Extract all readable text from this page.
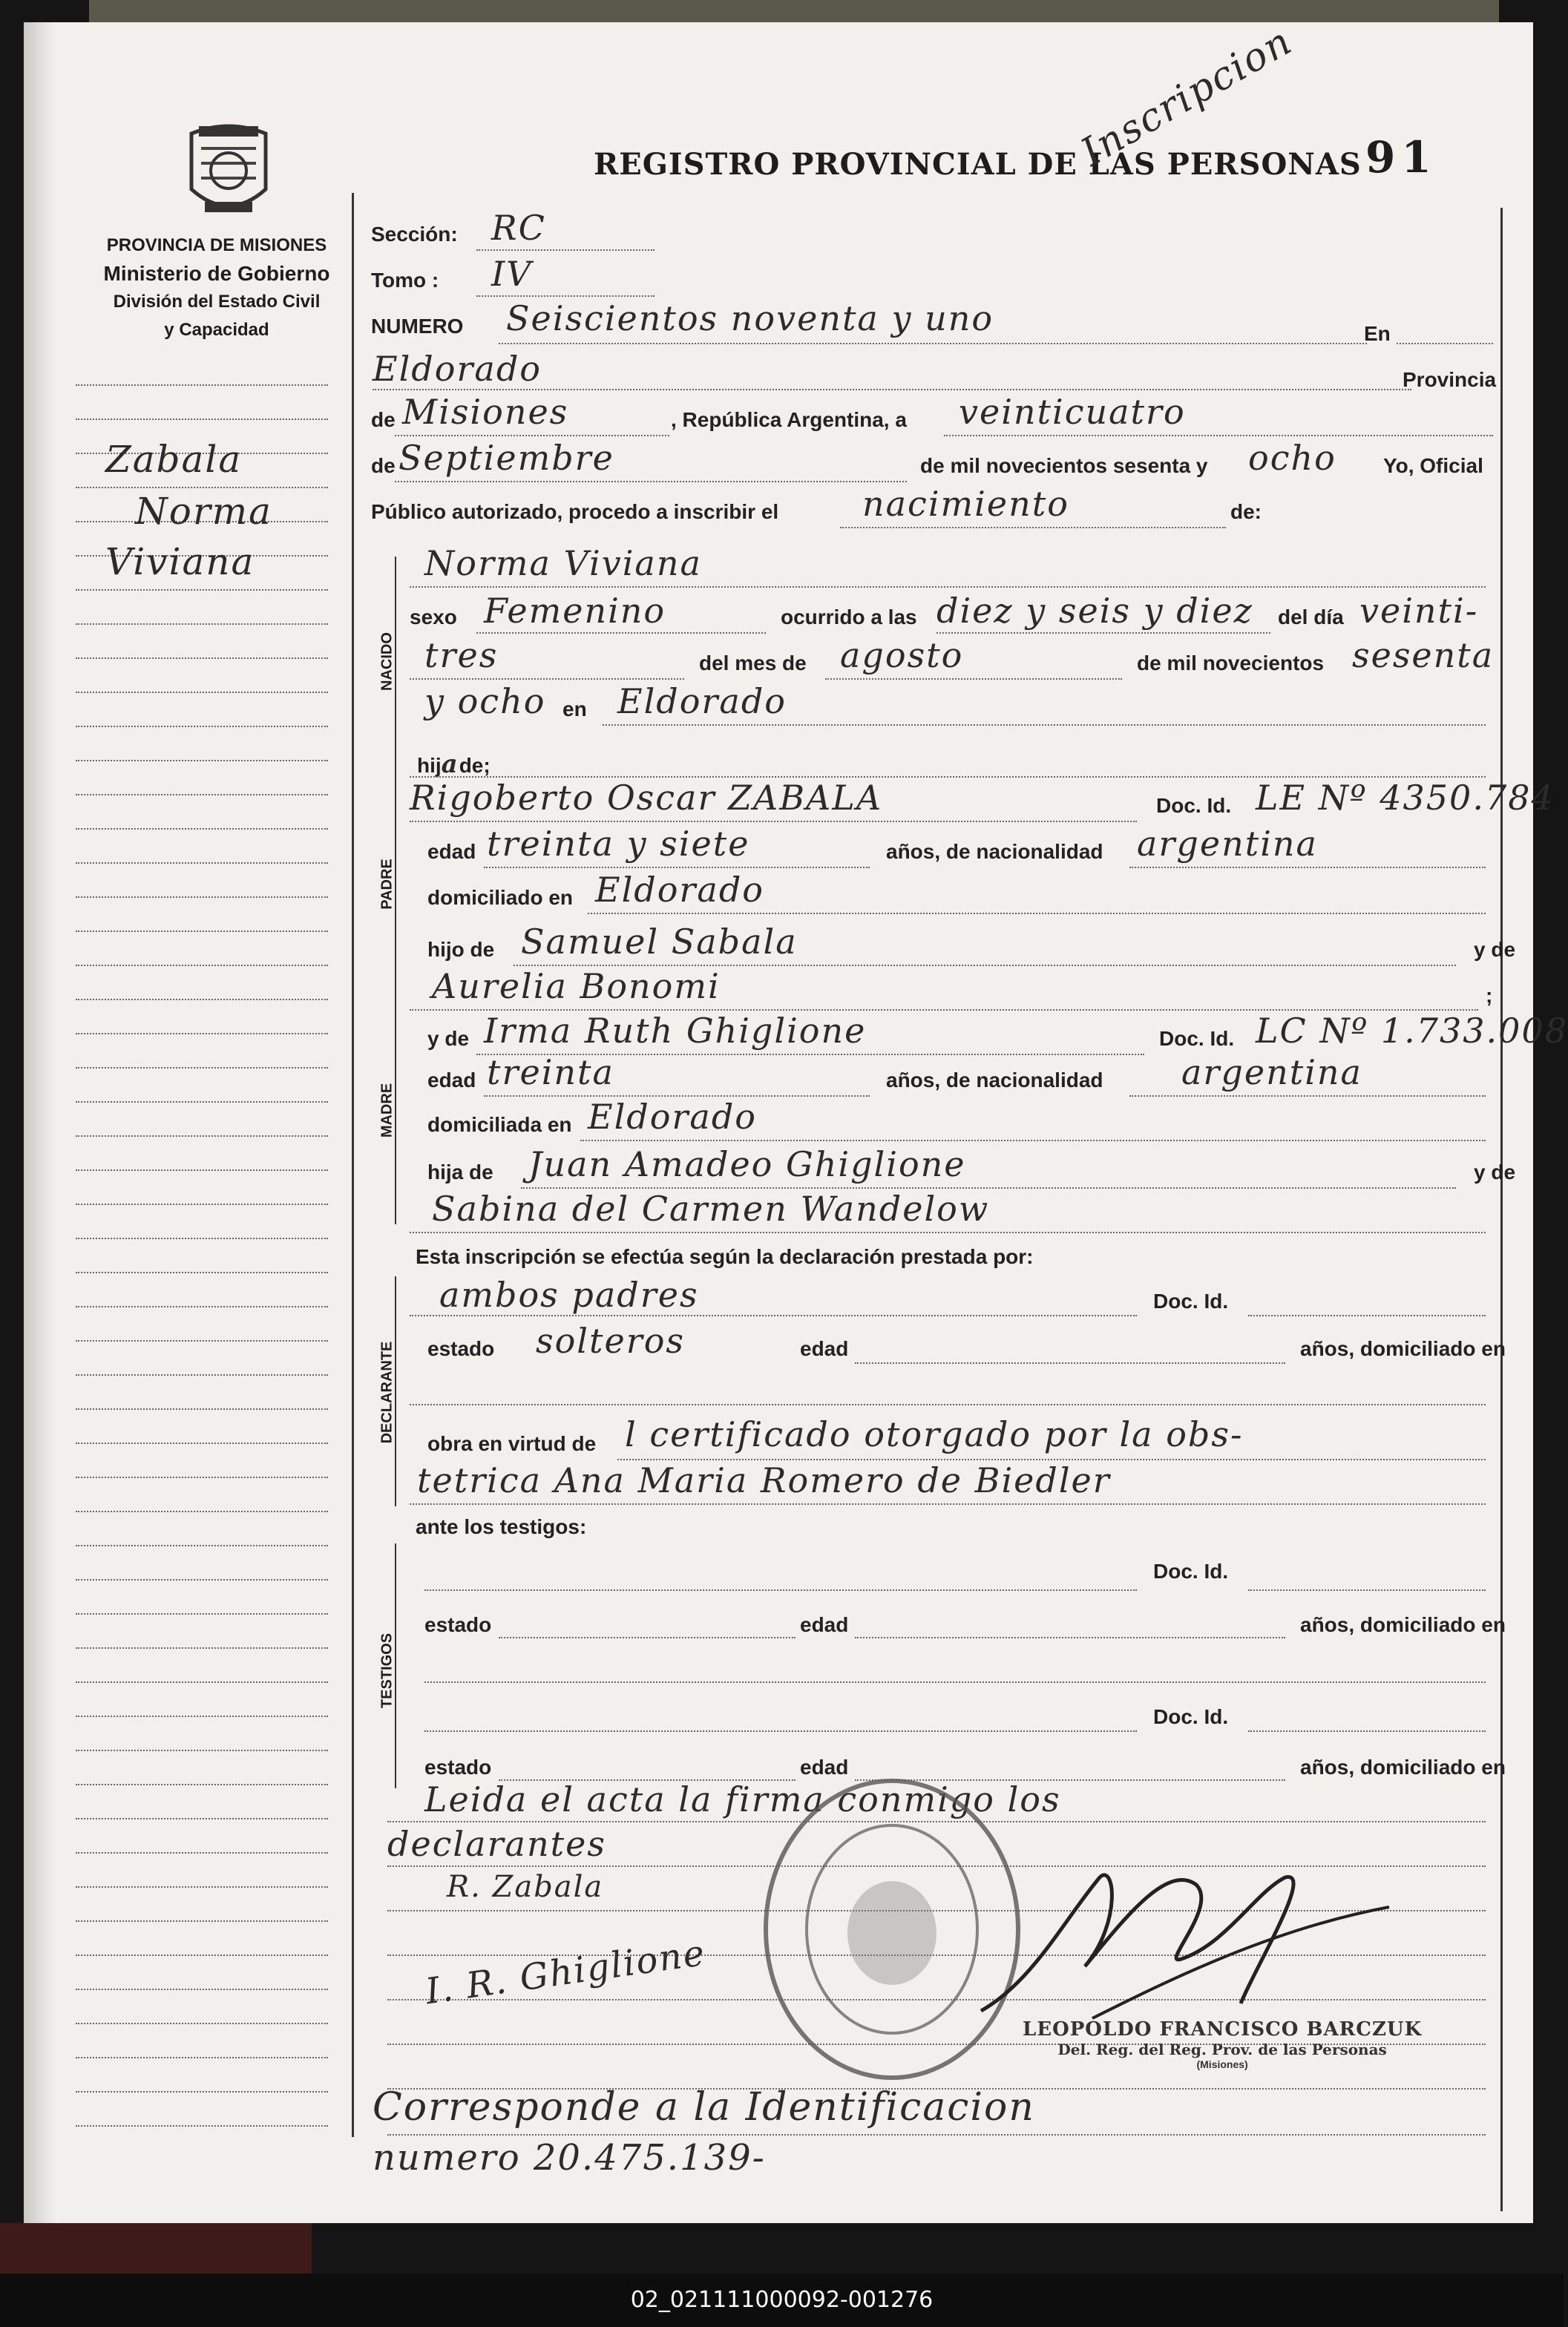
PROVINCIA DE MISIONES
Ministerio de Gobierno
División del Estado Civil
y Capacidad
REGISTRO PROVINCIAL DE LAS PERSONAS 91
Inscripcion
NACIDO
PADRE
MADRE
DECLARANTE
TESTIGOS
Zabala
Norma
Viviana
Sección: RC
Tomo : IV
NUMERO Seiscientos noventa y uno	En
Eldorado	Provincia
de Misiones	, República Argentina, a veinticuatro
de Septiembre	de mil novecientos sesenta y ocho Yo, Oficial
Público autorizado, procedo a inscribir el nacimiento	de:
Norma Viviana
sexo Femenino	ocurrido a las diez y seis y diez del día veinti-
tres	del mes de agosto	de mil novecientos sesenta
y ocho en Eldorado
hijade;
Rigoberto Oscar ZABALA	Doc. Id. LE Nº 4350.784
edad treinta y siete	años, de nacionalidad argentina
domiciliado en Eldorado
hijo de Samuel Sabala	y de
Aurelia Bonomi	;
y de Irma Ruth Ghiglione	Doc. Id. LC Nº 1.733.008
edad treinta	años, de nacionalidad argentina
domiciliada en Eldorado
hija de Juan Amadeo Ghiglione	y de
Sabina del Carmen Wandelow
Esta inscripción se efectúa según la declaración prestada por:
ambos padres	Doc. Id.
estado solteros	edad	años, domiciliado en
obra en virtud de l certificado otorgado por la obs-
tetrica Ana Maria Romero de Biedler
ante los testigos:
Doc. Id.
estado	edad	años, domiciliado en
Doc. Id.
estado	edad	años, domiciliado en
Leida el acta la firma conmigo los
declarantes
R. Zabala
I. R. Ghiglione
LEOPOLDO FRANCISCO BARCZUK
Del. Reg. del Reg. Prov. de las Personas
(Misiones)
Corresponde a la Identificacion
numero 20.475.139-
02_021111000092-001276
